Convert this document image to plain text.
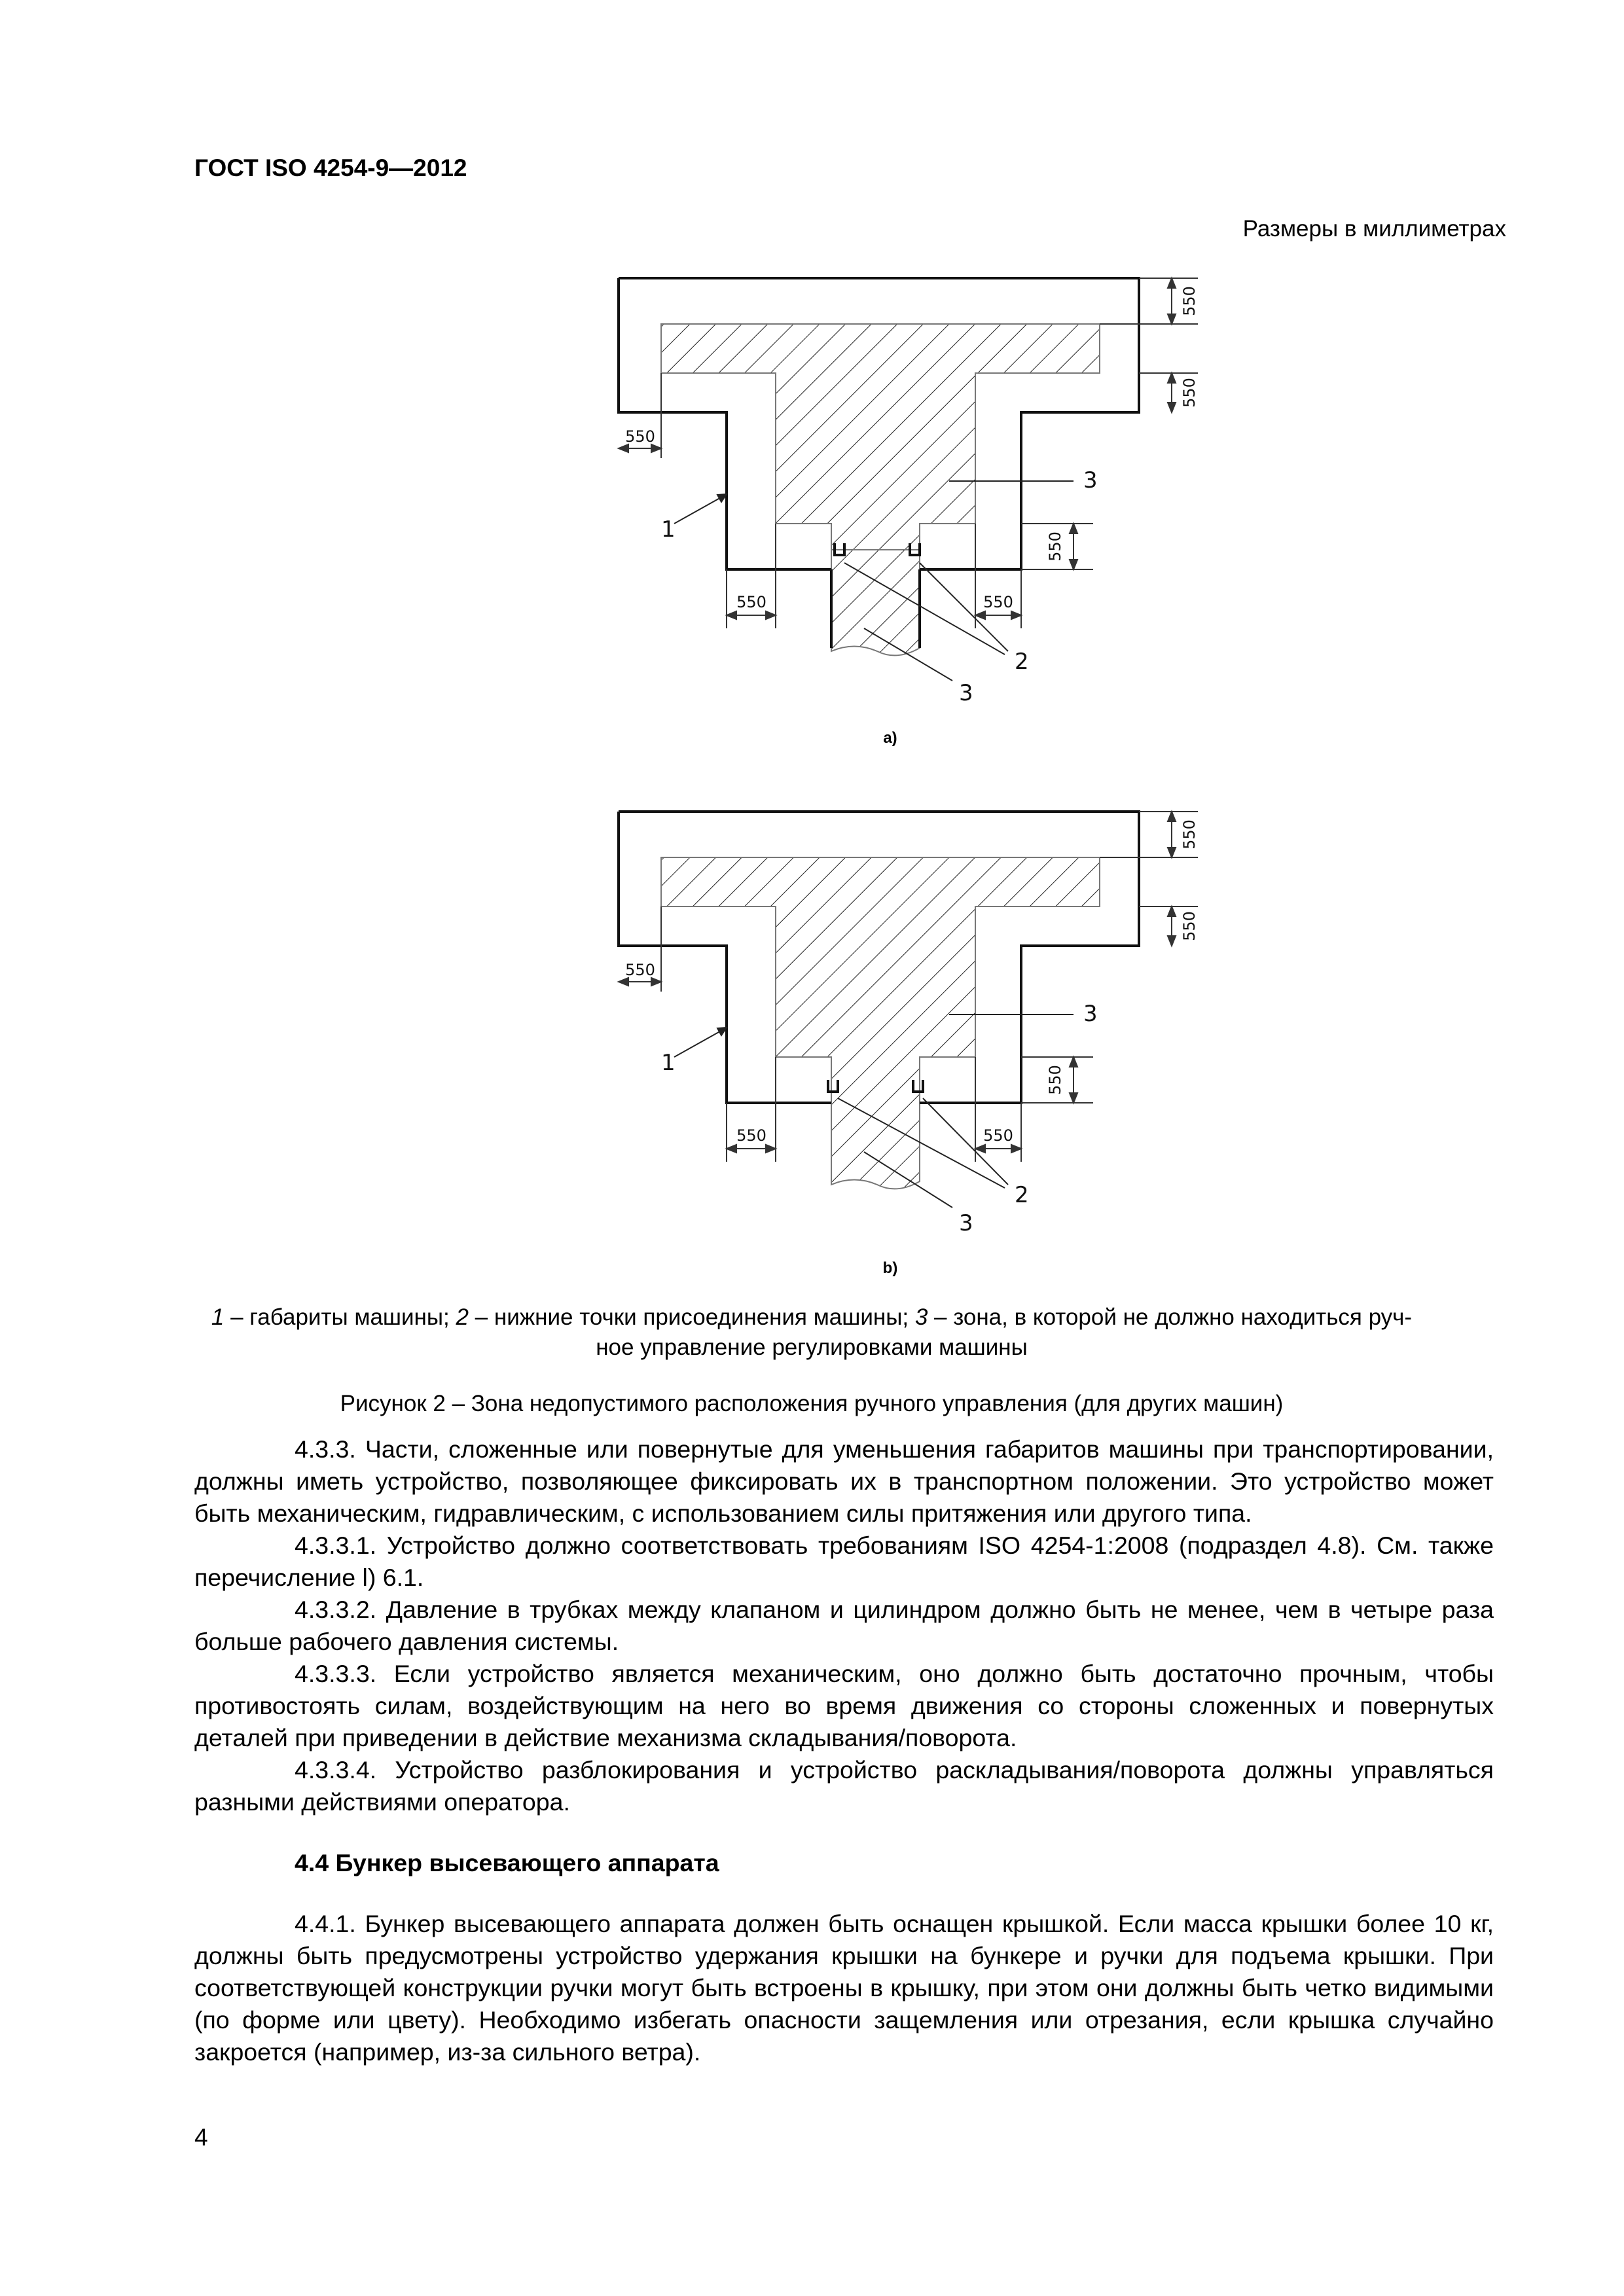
ГОСТ ISO 4254-9—2012
Размеры в миллиметрах
550
550
550
550	550
550
1
3
2
3
a)
550
550
550
550	550
550
1
3
2
3
b)
1 – габариты машины; 2 – нижние точки присоединения машины; 3 – зона, в которой не должно находиться руч-
ное управление регулировками машины
Рисунок 2 – Зона недопустимого расположения ручного управления (для других машин)

4.3.3. Части, сложенные или повернутые для уменьшения габаритов машины при транспортировании, должны иметь устройство, позволяющее фиксировать их в транспортном положении. Это устройство может быть механическим, гидравлическим, с использованием силы притяжения или другого типа.

4.3.3.1. Устройство должно соответствовать требованиям ISO 4254-1:2008 (подраздел 4.8). См. также перечисление l) 6.1.

4.3.3.2. Давление в трубках между клапаном и цилиндром должно быть не менее, чем в четыре раза больше рабочего давления системы.

4.3.3.3. Если устройство является механическим, оно должно быть достаточно прочным, чтобы противостоять силам, воздействующим на него во время движения со стороны сложенных и повернутых деталей при приведении в действие механизма складывания/поворота.

4.3.3.4. Устройство разблокирования и устройство раскладывания/поворота должны управляться разными действиями оператора.

4.4 Бункер высевающего аппарата

4.4.1. Бункер высевающего аппарата должен быть оснащен крышкой. Если масса крышки более 10 кг, должны быть предусмотрены устройство удержания крышки на бункере и ручки для подъема крышки. При соответствующей конструкции ручки могут быть встроены в крышку, при этом они должны быть четко видимыми (по форме или цвету). Необходимо избегать опасности защемления или отрезания, если крышка случайно закроется (например, из-за сильного ветра).

4
